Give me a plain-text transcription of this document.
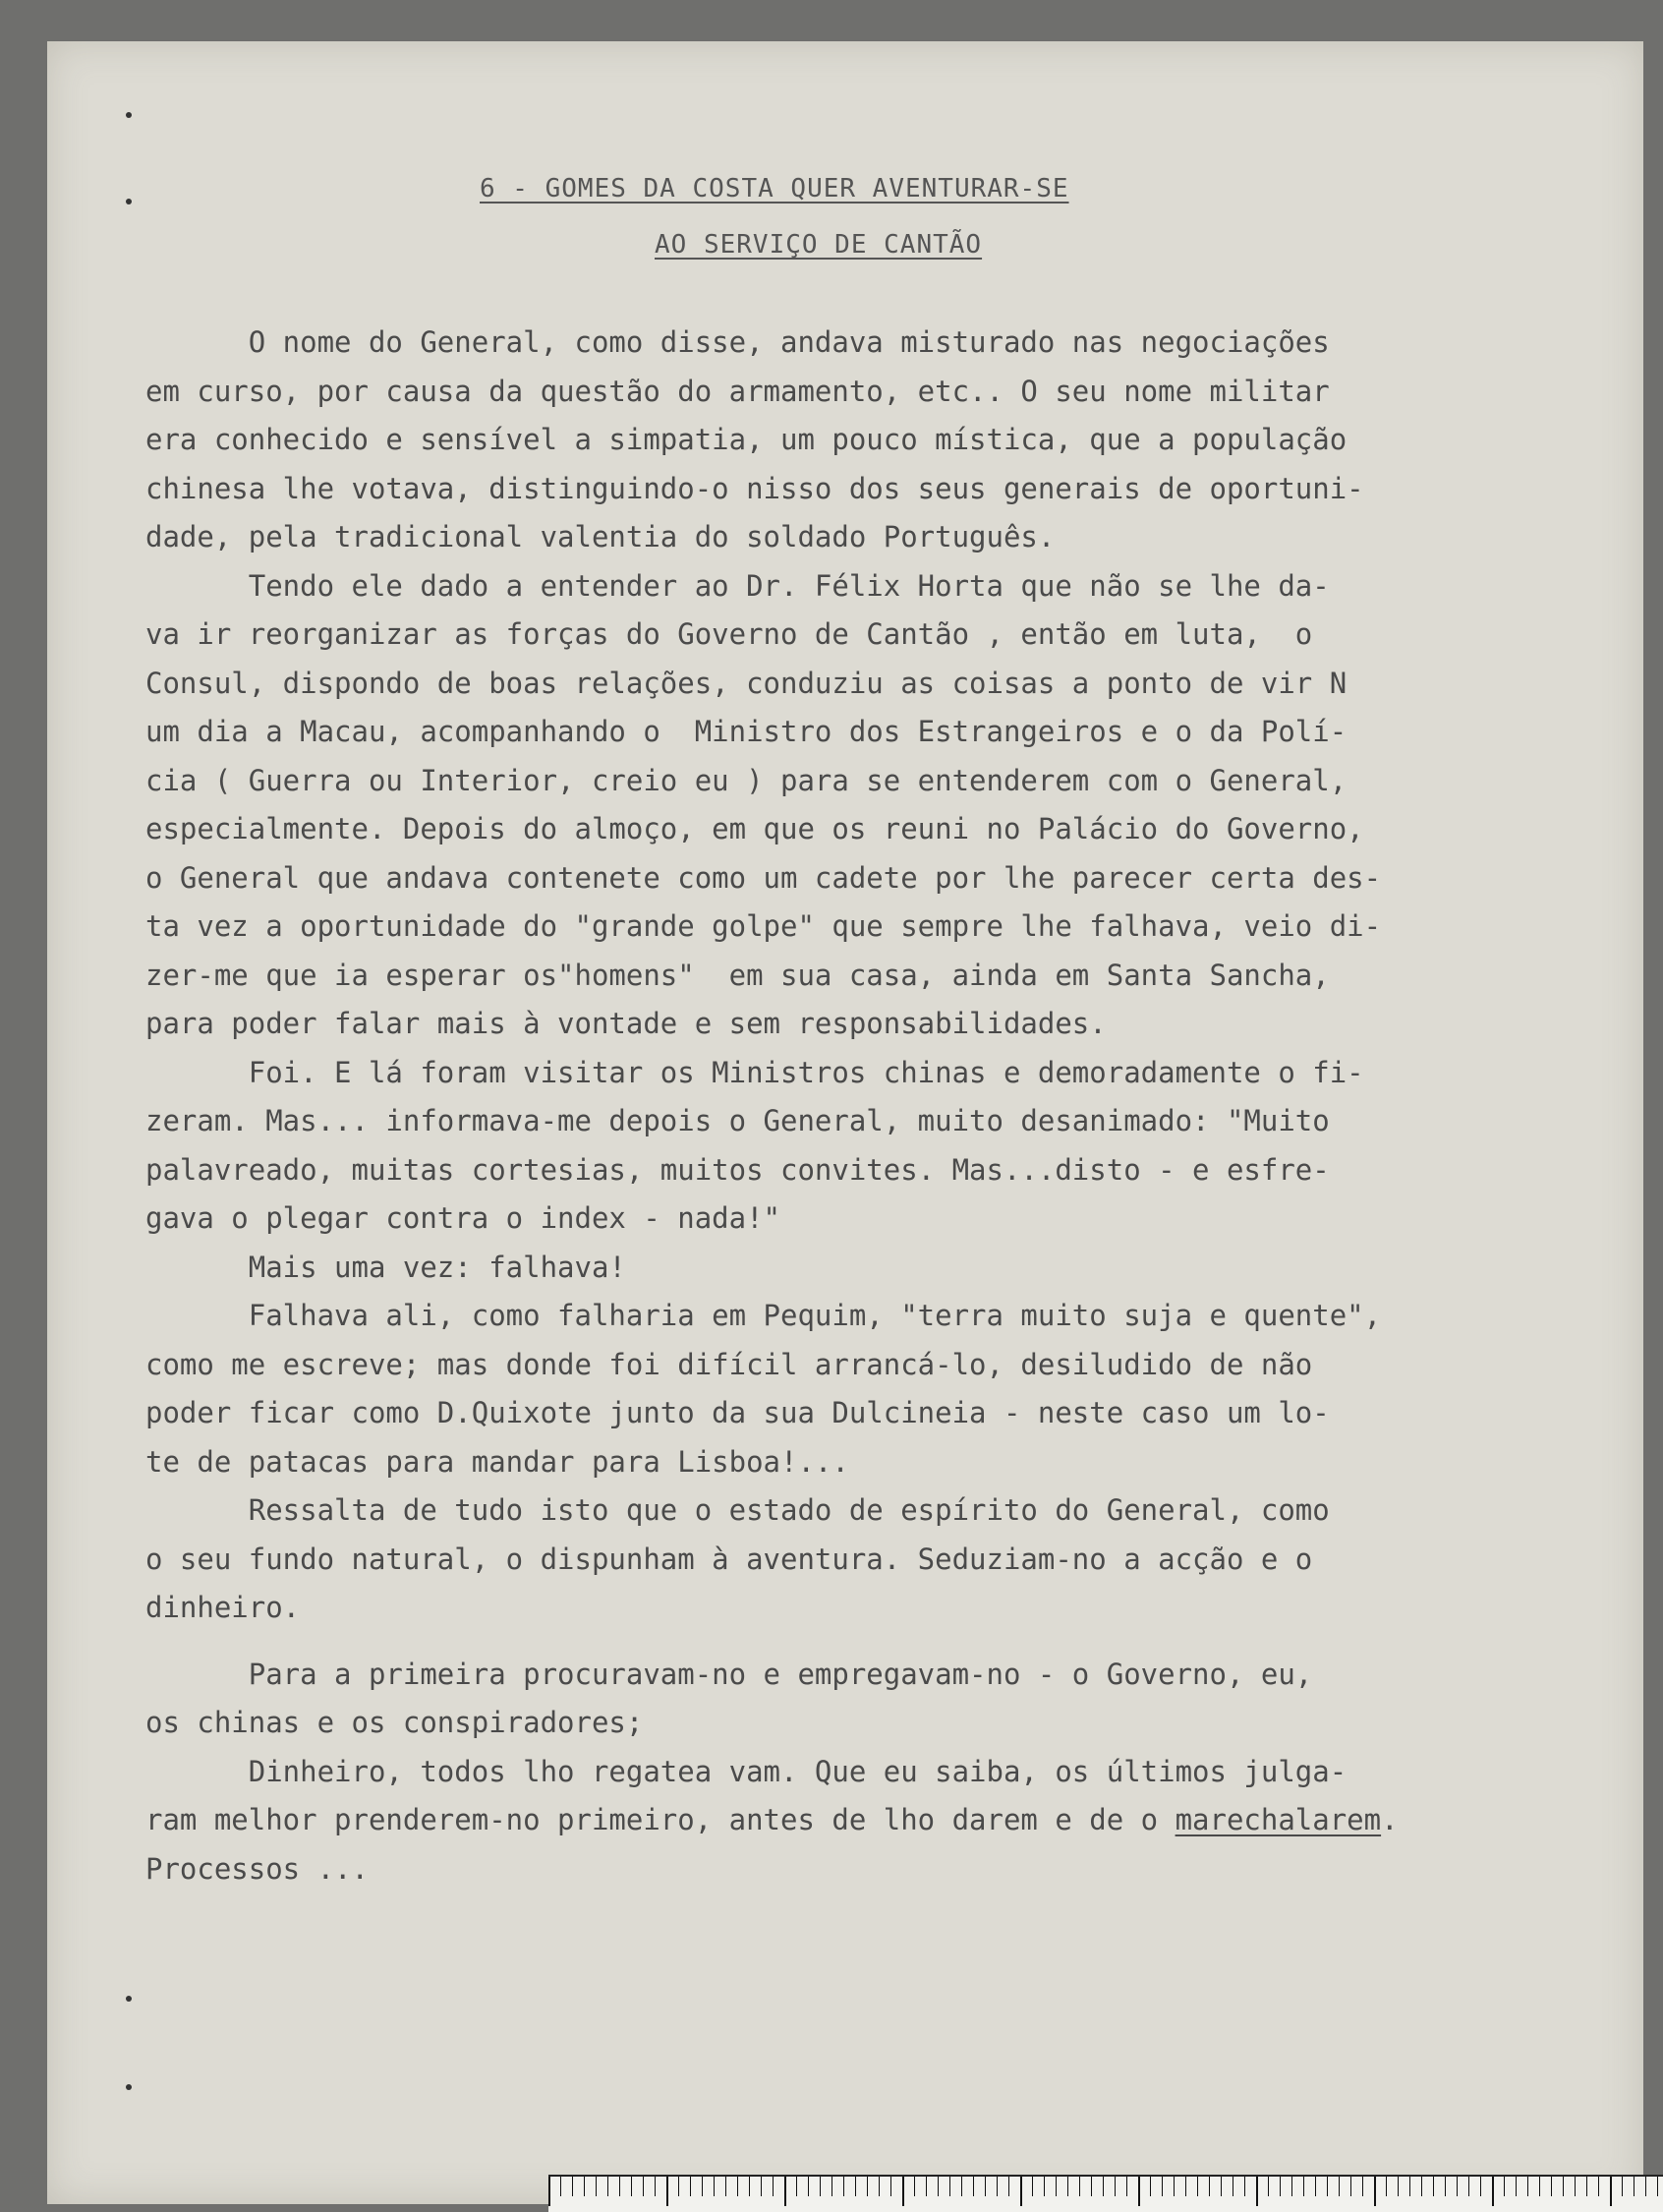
6 - GOMES DA COSTA QUER AVENTURAR-SE
AO SERVIÇO DE CANTÃO
O nome do General, como disse, andava misturado nas negociações
em curso, por causa da questão do armamento, etc.. O seu nome militar
era conhecido e sensível a simpatia, um pouco mística, que a população
chinesa lhe votava, distinguindo-o nisso dos seus generais de oportuni-
dade, pela tradicional valentia do soldado Português.
Tendo ele dado a entender ao Dr. Félix Horta que não se lhe da-
va ir reorganizar as forças do Governo de Cantão , então em luta,  o
Consul, dispondo de boas relações, conduziu as coisas a ponto de vir N
um dia a Macau, acompanhando o  Ministro dos Estrangeiros e o da Polí-
cia ( Guerra ou Interior, creio eu ) para se entenderem com o General,
especialmente. Depois do almoço, em que os reuni no Palácio do Governo,
o General que andava contenete como um cadete por lhe parecer certa des-
ta vez a oportunidade do "grande golpe" que sempre lhe falhava, veio di-
zer-me que ia esperar os"homens"  em sua casa, ainda em Santa Sancha,
para poder falar mais à vontade e sem responsabilidades.
Foi. E lá foram visitar os Ministros chinas e demoradamente o fi-
zeram. Mas... informava-me depois o General, muito desanimado: "Muito
palavreado, muitas cortesias, muitos convites. Mas...disto - e esfre-
gava o plegar contra o index - nada!"
Mais uma vez: falhava!
Falhava ali, como falharia em Pequim, "terra muito suja e quente",
como me escreve; mas donde foi difícil arrancá-lo, desiludido de não
poder ficar como D.Quixote junto da sua Dulcineia - neste caso um lo-
te de patacas para mandar para Lisboa!...
Ressalta de tudo isto que o estado de espírito do General, como
o seu fundo natural, o dispunham à aventura. Seduziam-no a acção e o
dinheiro.
Para a primeira procuravam-no e empregavam-no - o Governo, eu,
os chinas e os conspiradores;
Dinheiro, todos lho regatea vam. Que eu saiba, os últimos julga-
ram melhor prenderem-no primeiro, antes de lho darem e de o marechalarem.
Processos ...
